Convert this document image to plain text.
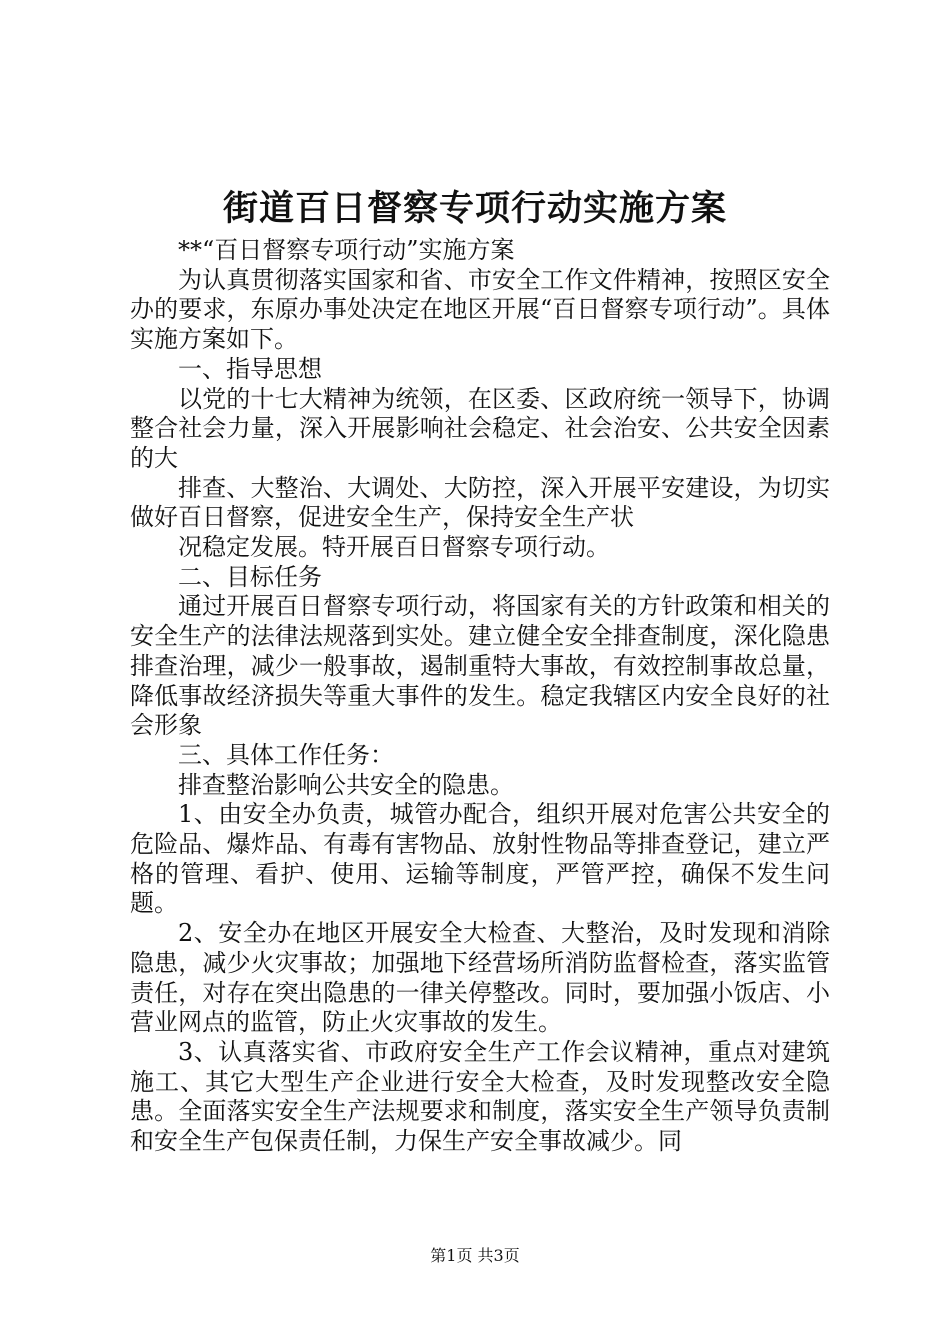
街道百日督察专项行动实施方案

**“百日督察专项行动”实施方案

为认真贯彻落实国家和省、市安全工作文件精神，按照区安全办的要求，东原办事处决定在地区开展“百日督察专项行动”。具体实施方案如下。

一、指导思想

以党的十七大精神为统领，在区委、区政府统一领导下，协调整合社会力量，深入开展影响社会稳定、社会治安、公共安全因素的大

排查、大整治、大调处、大防控，深入开展平安建设，为切实做好百日督察，促进安全生产，保持安全生产状

况稳定发展。特开展百日督察专项行动。

二、目标任务

通过开展百日督察专项行动，将国家有关的方针政策和相关的安全生产的法律法规落到实处。建立健全安全排查制度，深化隐患排查治理，减少一般事故，遏制重特大事故，有效控制事故总量，降低事故经济损失等重大事件的发生。稳定我辖区内安全良好的社会形象

三、具体工作任务：

排查整治影响公共安全的隐患。

1、由安全办负责，城管办配合，组织开展对危害公共安全的危险品、爆炸品、有毒有害物品、放射性物品等排查登记，建立严格的管理、看护、使用、运输等制度，严管严控，确保不发生问题。

2、安全办在地区开展安全大检查、大整治，及时发现和消除隐患，减少火灾事故；加强地下经营场所消防监督检查，落实监管责任，对存在突出隐患的一律关停整改。同时，要加强小饭店、小营业网点的监管，防止火灾事故的发生。

3、认真落实省、市政府安全生产工作会议精神，重点对建筑施工、其它大型生产企业进行安全大检查，及时发现整改安全隐患。全面落实安全生产法规要求和制度，落实安全生产领导负责制和安全生产包保责任制，力保生产安全事故减少。同

第1页 共3页
